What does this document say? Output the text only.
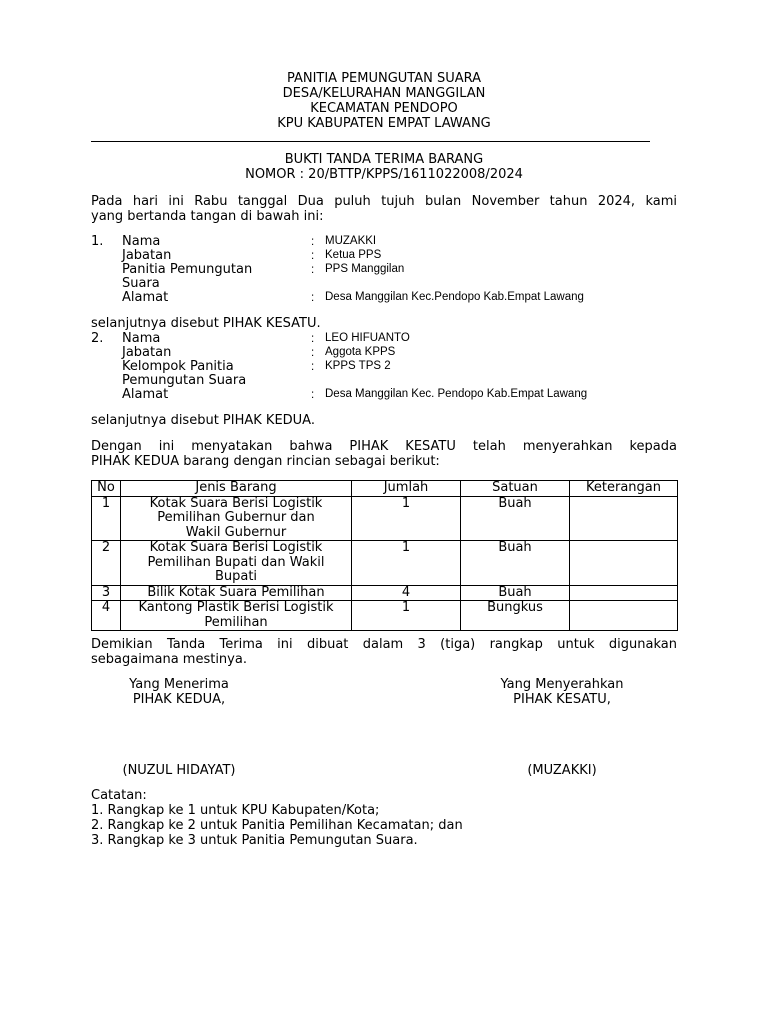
PANITIA PEMUNGUTAN SUARA
DESA/KELURAHAN MANGGILAN
KECAMATAN PENDOPO
KPU KABUPATEN EMPAT LAWANG
BUKTI TANDA TERIMA BARANG
NOMOR : 20/BTTP/KPPS/1611022008/2024
Pada hari ini Rabu tanggal Dua puluh tujuh bulan November tahun 2024, kami
yang bertanda tangan di bawah ini:
1. Nama	: MUZAKKI
Jabatan	: Ketua PPS
Panitia Pemungutan
Suara
: PPS Manggilan
Alamat	: Desa Manggilan Kec.Pendopo Kab.Empat Lawang
selanjutnya disebut PIHAK KESATU.
2. Nama	: LEO HIFUANTO
Jabatan	: Aggota KPPS
Kelompok Panitia
Pemungutan Suara
: KPPS TPS 2
Alamat	: Desa Manggilan Kec. Pendopo Kab.Empat Lawang
selanjutnya disebut PIHAK KEDUA.
Dengan ini menyatakan bahwa PIHAK KESATU telah menyerahkan kepada
PIHAK KEDUA barang dengan rincian sebagai berikut:
No	Jenis Barang	Jumlah	Satuan	Keterangan
1	Kotak Suara Berisi Logistik
Pemilihan Gubernur dan
Wakil Gubernur	1	Buah	
2	Kotak Suara Berisi Logistik
Pemilihan Bupati dan Wakil
Bupati	1	Buah	
3	Bilik Kotak Suara Pemilihan	4	Buah	
4	Kantong Plastik Berisi Logistik
Pemilihan	1	Bungkus	
Demikian Tanda Terima ini dibuat dalam 3 (tiga) rangkap untuk digunakan
sebagaimana mestinya.
Yang Menerima
PIHAK KEDUA,
(NUZUL HIDAYAT)
Yang Menyerahkan
PIHAK KESATU,
(MUZAKKI)
Catatan:
1. Rangkap ke 1 untuk KPU Kabupaten/Kota;
2. Rangkap ke 2 untuk Panitia Pemilihan Kecamatan; dan
3. Rangkap ke 3 untuk Panitia Pemungutan Suara.
